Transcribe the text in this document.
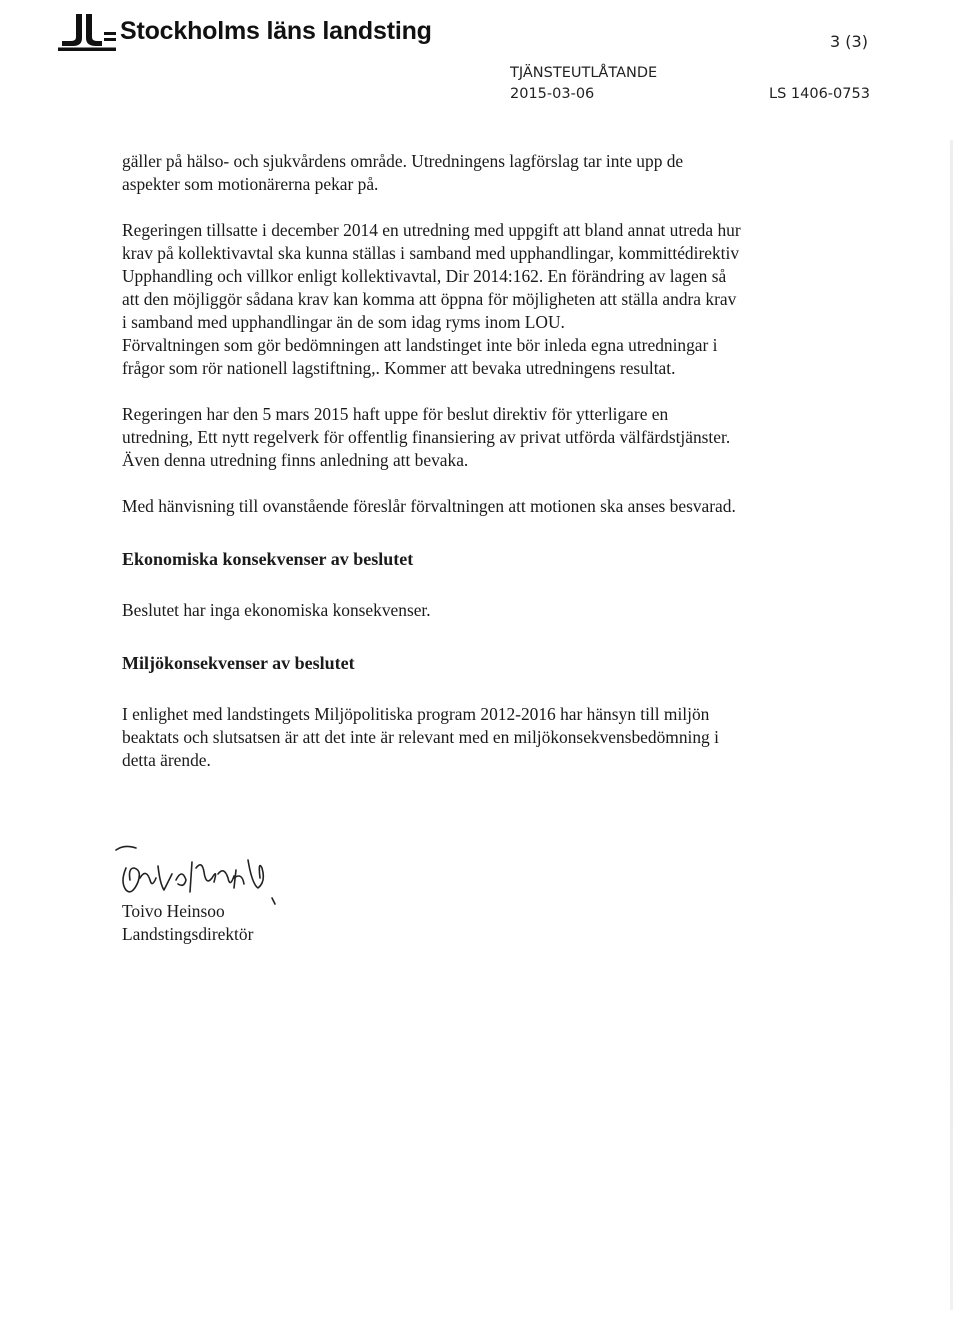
Stockholms läns landsting	3 (3)
TJÄNSTEUTLÅTANDE
2015-03-06	LS 1406-0753

gäller på hälso- och sjukvårdens område. Utredningens lagförslag tar inte upp de aspekter som motionärerna pekar på.

Regeringen tillsatte i december 2014 en utredning med uppgift att bland annat utreda hur krav på kollektivavtal ska kunna ställas i samband med upphandlingar, kommittédirektiv Upphandling och villkor enligt kollektivavtal, Dir 2014:162. En förändring av lagen så att den möjliggör sådana krav kan komma att öppna för möjligheten att ställa andra krav i samband med upphandlingar än de som idag ryms inom LOU.

Förvaltningen som gör bedömningen att landstinget inte bör inleda egna utredningar i frågor som rör nationell lagstiftning,. Kommer att bevaka utredningens resultat.

Regeringen har den 5 mars 2015 haft uppe för beslut direktiv för ytterligare en utredning, Ett nytt regelverk för offentlig finansiering av privat utförda välfärdstjänster. Även denna utredning finns anledning att bevaka.

Med hänvisning till ovanstående föreslår förvaltningen att motionen ska anses besvarad.

Ekonomiska konsekvenser av beslutet

Beslutet har inga ekonomiska konsekvenser.

Miljökonsekvenser av beslutet

I enlighet med landstingets Miljöpolitiska program 2012-2016 har hänsyn till miljön beaktats och slutsatsen är att det inte är relevant med en miljökonsekvensbedömning i detta ärende.

Toivo Heinsoo
Landstingsdirektör
